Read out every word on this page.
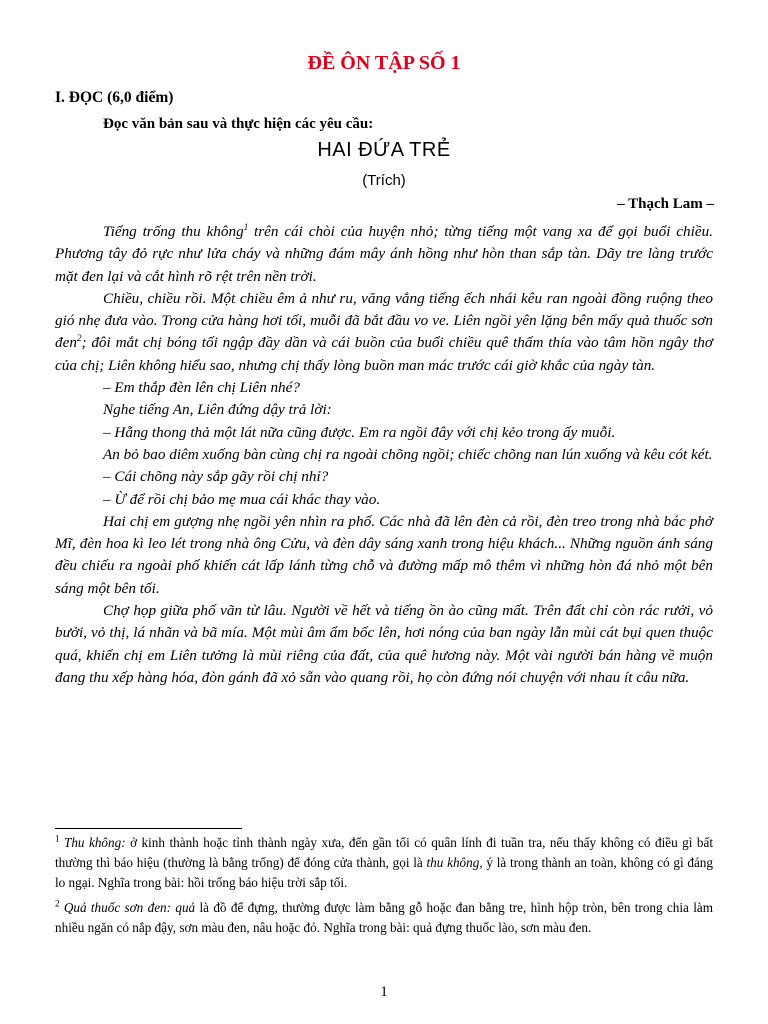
ĐỀ ÔN TẬP SỐ 1
I. ĐỌC (6,0 điểm)
Đọc văn bản sau và thực hiện các yêu cầu:
HAI ĐỨA TRẺ
(Trích)
– Thạch Lam –

Tiếng trống thu không$^1$ trên cái chòi của huyện nhỏ; từng tiếng một vang xa để gọi buổi chiều. Phương tây đỏ rực như lửa cháy và những đám mây ánh hồng như hòn than sắp tàn. Dãy tre làng trước mặt đen lại và cắt hình rõ rệt trên nền trời.

Chiều, chiều rồi. Một chiều êm ả như ru, văng vẳng tiếng ếch nhái kêu ran ngoài đồng ruộng theo gió nhẹ đưa vào. Trong cửa hàng hơi tối, muỗi đã bắt đầu vo ve. Liên ngồi yên lặng bên mấy quả thuốc sơn đen$^2$; đôi mắt chị bóng tối ngập đầy dần và cái buồn của buổi chiều quê thấm thía vào tâm hồn ngây thơ của chị; Liên không hiểu sao, nhưng chị thấy lòng buồn man mác trước cái giờ khắc của ngày tàn.

– Em thắp đèn lên chị Liên nhé?

Nghe tiếng An, Liên đứng dậy trả lời:

– Hẵng thong thả một lát nữa cũng được. Em ra ngồi đây với chị kẻo trong ấy muỗi.

An bỏ bao diêm xuống bàn cùng chị ra ngoài chõng ngồi; chiếc chõng nan lún xuống và kêu cót két.

– Cái chõng này sắp gãy rồi chị nhỉ?

– Ừ để rồi chị bảo mẹ mua cái khác thay vào.

Hai chị em gượng nhẹ ngồi yên nhìn ra phố. Các nhà đã lên đèn cả rồi, đèn treo trong nhà bác phở Mĩ, đèn hoa kì leo lét trong nhà ông Cửu, và đèn dây sáng xanh trong hiệu khách... Những nguồn ánh sáng đều chiếu ra ngoài phố khiến cát lấp lánh từng chỗ và đường mấp mô thêm vì những hòn đá nhỏ một bên sáng một bên tối.

Chợ họp giữa phố vãn từ lâu. Người về hết và tiếng ồn ào cũng mất. Trên đất chỉ còn rác rưởi, vỏ bưởi, vỏ thị, lá nhãn và bã mía. Một mùi âm ẩm bốc lên, hơi nóng của ban ngày lẫn mùi cát bụi quen thuộc quá, khiến chị em Liên tưởng là mùi riêng của đất, của quê hương này. Một vài người bán hàng về muộn đang thu xếp hàng hóa, đòn gánh đã xỏ sẵn vào quang rồi, họ còn đứng nói chuyện với nhau ít câu nữa.

$^1$ Thu không: ở kinh thành hoặc tỉnh thành ngày xưa, đến gần tối có quân lính đi tuần tra, nếu thấy không có điều gì bất thường thì báo hiệu (thường là bằng trống) để đóng cửa thành, gọi là thu không, ý là trong thành an toàn, không có gì đáng lo ngại. Nghĩa trong bài: hồi trống báo hiệu trời sắp tối.

$^2$ Quả thuốc sơn đen: quả là đồ để đựng, thường được làm bằng gỗ hoặc đan bằng tre, hình hộp tròn, bên trong chia làm nhiều ngăn có nắp đậy, sơn màu đen, nâu hoặc đỏ. Nghĩa trong bài: quả đựng thuốc lào, sơn màu đen.

1
